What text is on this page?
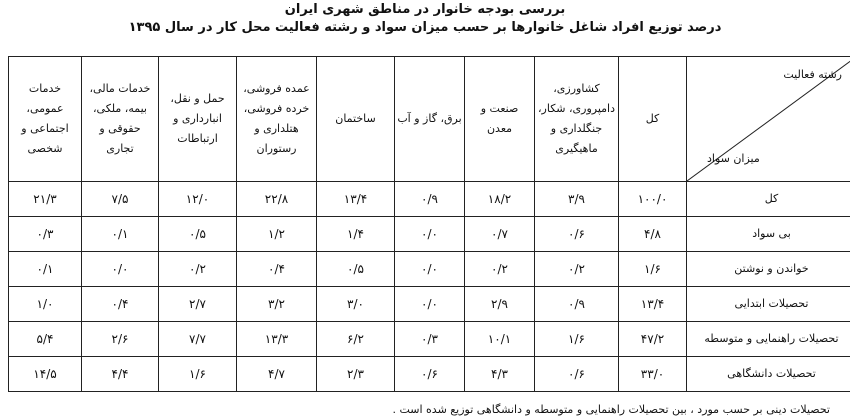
بررسی بودجه خانوار در مناطق شهری ایران
درصد توزیع افراد شاغل خانوارها بر حسب میزان سواد و رشته فعالیت محل کار در سال ۱۳۹۵
رشته فعالیت
میزان سواد	کل	کشاورزی، دامپروری، شکار، جنگلداری و ماهیگیری	صنعت و معدن	برق، گاز و آب	ساختمان	عمده فروشی، خرده فروشی، هتلداری و رستوران	حمل و نقل، انبارداری و ارتباطات	خدمات مالی، بیمه، ملکی، حقوقی و تجاری	خدمات عمومی، اجتماعی و شخصی
کل	۱۰۰/۰	۳/۹	۱۸/۲	۰/۹	۱۳/۴	۲۲/۸	۱۲/۰	۷/۵	۲۱/۳
بی سواد	۴/۸	۰/۶	۰/۷	۰/۰	۱/۴	۱/۲	۰/۵	۰/۱	۰/۳
خواندن و نوشتن	۱/۶	۰/۲	۰/۲	۰/۰	۰/۵	۰/۴	۰/۲	۰/۰	۰/۱
تحصیلات ابتدایی	۱۳/۴	۰/۹	۲/۹	۰/۰	۳/۰	۳/۲	۲/۷	۰/۴	۱/۰
تحصیلات راهنمایی و متوسطه	۴۷/۲	۱/۶	۱۰/۱	۰/۳	۶/۲	۱۳/۳	۷/۷	۲/۶	۵/۴
تحصیلات دانشگاهی	۳۳/۰	۰/۶	۴/۳	۰/۶	۲/۳	۴/۷	۱/۶	۴/۴	۱۴/۵
تحصیلات دینی بر حسب مورد ، بین تحصیلات راهنمایی و متوسطه و دانشگاهی توزیع شده است .
